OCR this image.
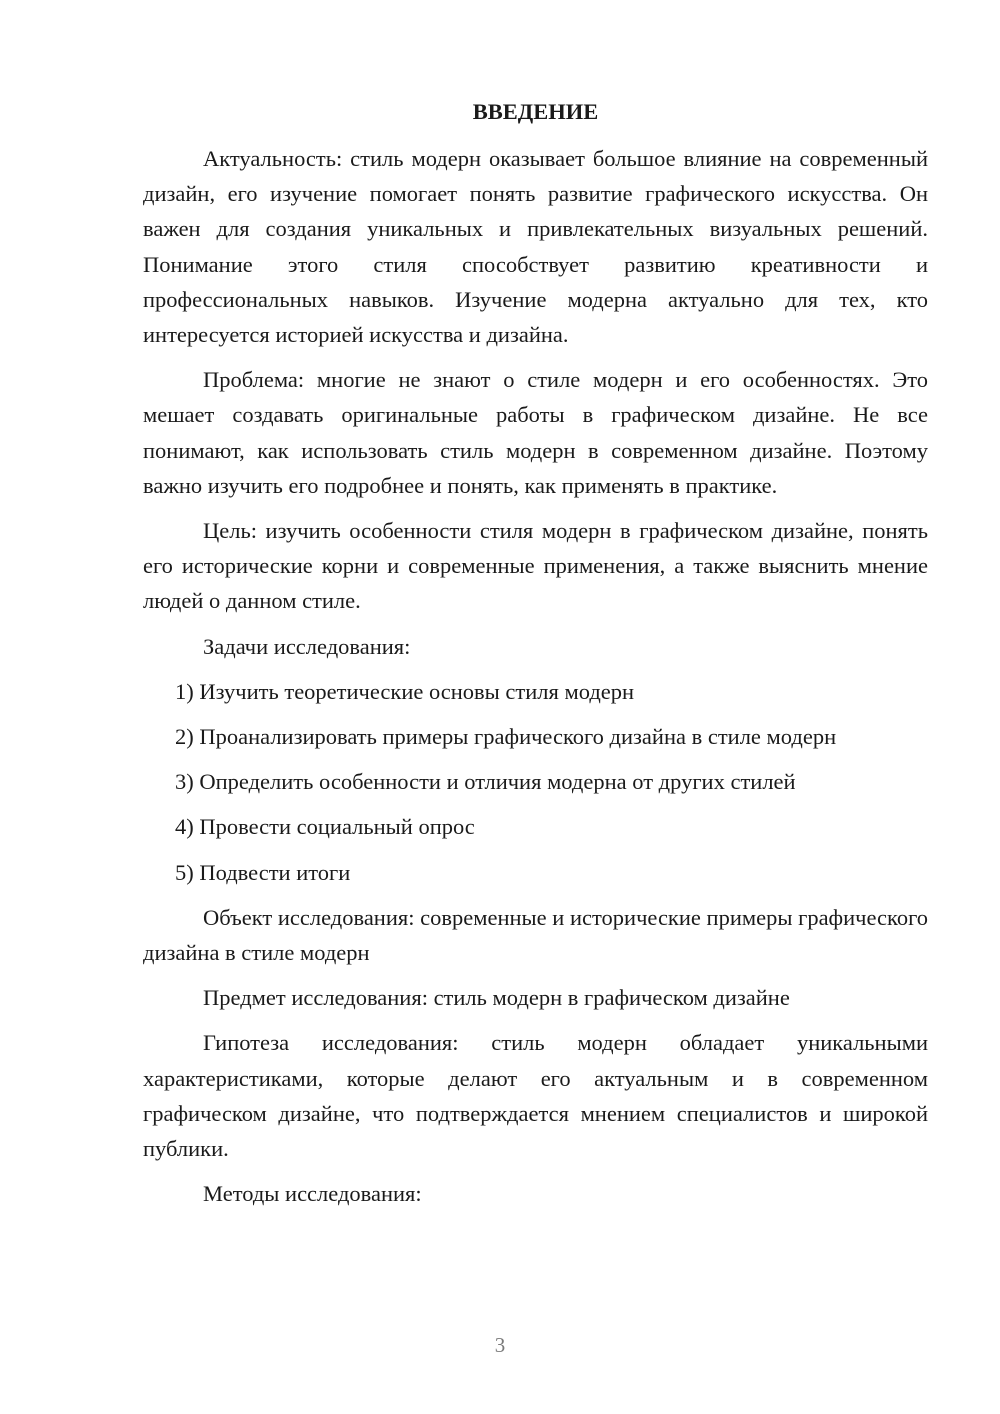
ВВЕДЕНИЕ

Актуальность: стиль модерн оказывает большое влияние на современный дизайн, его изучение помогает понять развитие графического искусства. Он важен для создания уникальных и привлекательных визуальных решений. Понимание этого стиля способствует развитию креативности и профессиональных навыков. Изучение модерна актуально для тех, кто интересуется историей искусства и дизайна.

Проблема: многие не знают о стиле модерн и его особенностях. Это мешает создавать оригинальные работы в графическом дизайне. Не все понимают, как использовать стиль модерн в современном дизайне. Поэтому важно изучить его подробнее и понять, как применять в практике.

Цель: изучить особенности стиля модерн в графическом дизайне, понять его исторические корни и современные применения, а также выяснить мнение людей о данном стиле.

Задачи исследования:

1) Изучить теоретические основы стиля модерн
2) Проанализировать примеры графического дизайна в стиле модерн
3) Определить особенности и отличия модерна от других стилей
4) Провести социальный опрос
5) Подвести итоги

Объект исследования: современные и исторические примеры графического дизайна в стиле модерн

Предмет исследования: стиль модерн в графическом дизайне

Гипотеза исследования: стиль модерн обладает уникальными характеристиками, которые делают его актуальным и в современном графическом дизайне, что подтверждается мнением специалистов и широкой публики.

Методы исследования:

3
